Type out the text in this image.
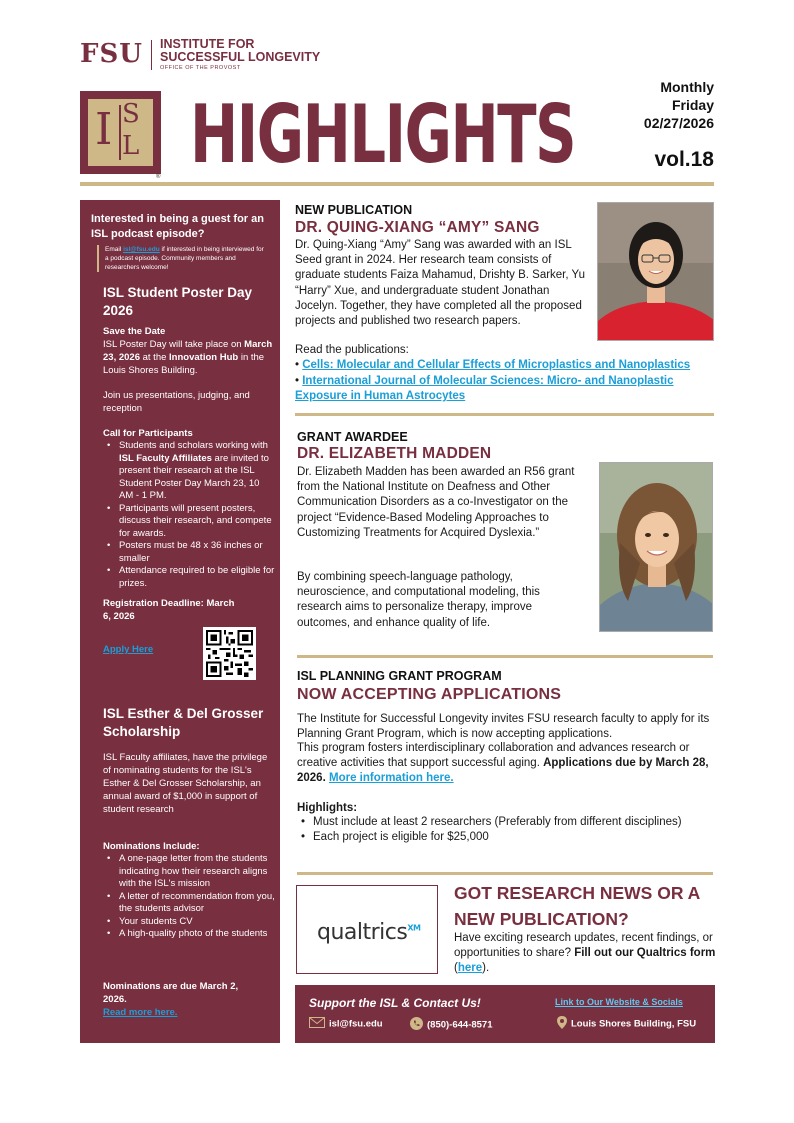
FSU INSTITUTE FOR
SUCCESSFUL LONGEVITY
OFFICE OF THE PROVOST
I S
L
® HIGHLIGHTS
Monthly
Friday
02/27/2026
vol.18
Interested in being a guest for an ISL podcast episode?
Email isl@fsu.edu if interested in being interviewed for a podcast episode. Community members and researchers welcome!
ISL Student Poster Day 2026
Save the Date
ISL Poster Day will take place on March 23, 2026 at the Innovation Hub in the Louis Shores Building.
Join us presentations, judging, and reception
Call for Participants
• Students and scholars working with ISL Faculty Affiliates are invited to present their research at the ISL Student Poster Day March 23, 10 AM - 1 PM.
• Participants will present posters, discuss their research, and compete for awards.
• Posters must be 48 x 36 inches or smaller
• Attendance required to be eligible for prizes.
Registration Deadline: March 6, 2026
Apply Here
ISL Esther & Del Grosser Scholarship
ISL Faculty affiliates, have the privilege of nominating students for the ISL's Esther & Del Grosser Scholarship, an annual award of $1,000 in support of student research
Nominations Include:
• A one-page letter from the students indicating how their research aligns with the ISL's mission
• A letter of recommendation from you, the students advisor
• Your students CV
• A high-quality photo of the students
Nominations are due March 2, 2026.
Read more here.
NEW PUBLICATION
DR. QUING-XIANG “AMY” SANG
Dr. Quing-Xiang “Amy” Sang was awarded with an ISL Seed grant in 2024. Her research team consists of graduate students Faiza Mahamud, Drishty B. Sarker, Yu “Harry” Xue, and undergraduate student Jonathan Jocelyn. Together, they have completed all the proposed projects and published two research papers.
Read the publications:
• Cells: Molecular and Cellular Effects of Microplastics and Nanoplastics
• International Journal of Molecular Sciences: Micro- and Nanoplastic Exposure in Human Astrocytes
GRANT AWARDEE
DR. ELIZABETH MADDEN
Dr. Elizabeth Madden has been awarded an R56 grant from the National Institute on Deafness and Other Communication Disorders as a co-Investigator on the project “Evidence-Based Modeling Approaches to Customizing Treatments for Acquired Dyslexia.”
By combining speech-language pathology, neuroscience, and computational modeling, this research aims to personalize therapy, improve outcomes, and enhance quality of life.
ISL PLANNING GRANT PROGRAM
NOW ACCEPTING APPLICATIONS
The Institute for Successful Longevity invites FSU research faculty to apply for its Planning Grant Program, which is now accepting applications.
This program fosters interdisciplinary collaboration and advances research or creative activities that support successful aging. Applications due by March 28, 2026. More information here.
Highlights:
• Must include at least 2 researchers (Preferably from different disciplines)
• Each project is eligible for $25,000
qualtrics$^{XM}$
GOT RESEARCH NEWS OR A NEW PUBLICATION?
Have exciting research updates, recent findings, or opportunities to share? Fill out our Qualtrics form (here).
Support the ISL & Contact Us!	Link to Our Website & Socials
isl@fsu.edu	(850)-644-8571	Louis Shores Building, FSU
